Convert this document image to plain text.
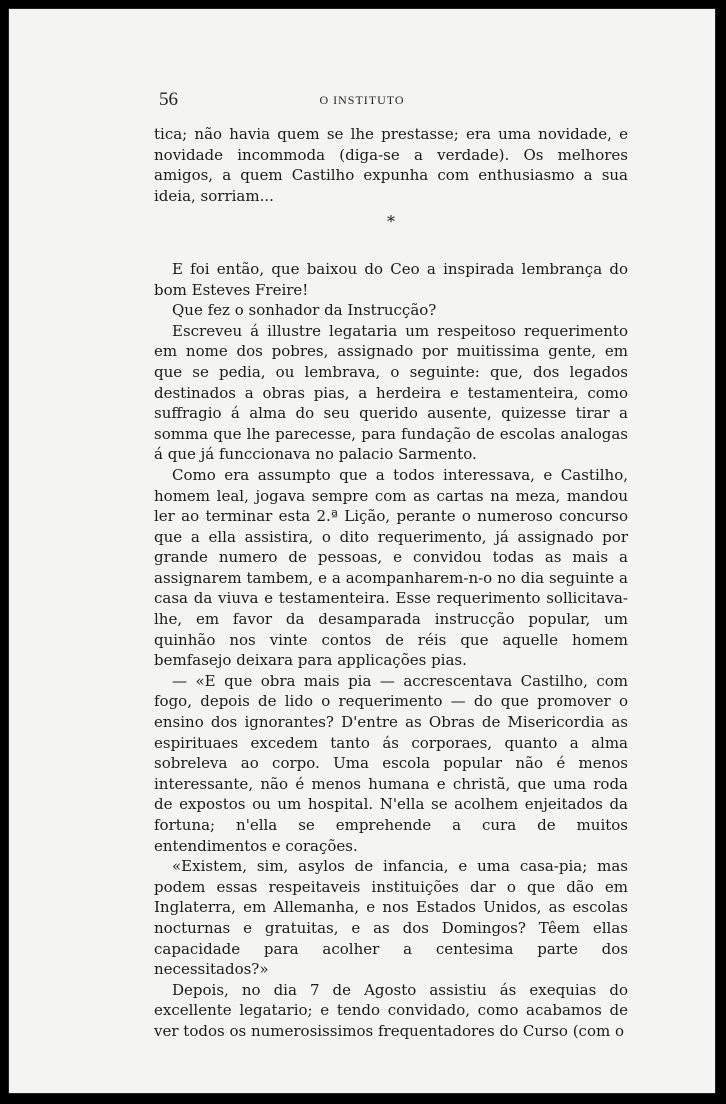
56	O INSTITUTO

tica; não havia quem se lhe prestasse; era uma novidade, e novidade incommoda (diga-se a verdade). Os melhores amigos, a quem Castilho expunha com enthusiasmo a sua ideia, sorriam...

*

E foi então, que baixou do Ceo a inspirada lembrança do bom Esteves Freire!

Que fez o sonhador da Instrucção?

Escreveu á illustre legataria um respeitoso requerimento em nome dos pobres, assignado por muitissima gente, em que se pedia, ou lembrava, o seguinte: que, dos legados destinados a obras pias, a herdeira e testamenteira, como suffragio á alma do seu querido ausente, quizesse tirar a somma que lhe parecesse, para fundação de escolas analogas á que já funccionava no palacio Sarmento.

Como era assumpto que a todos interessava, e Castilho, homem leal, jogava sempre com as cartas na meza, mandou ler ao terminar esta 2.ª Lição, perante o numeroso concurso que a ella assistira, o dito requerimento, já assignado por grande numero de pessoas, e convidou todas as mais a assignarem tambem, e a acompanharem-n-o no dia seguinte a casa da viuva e testamenteira. Esse requerimento sollicitava-lhe, em favor da desamparada instrucção popular, um quinhão nos vinte contos de réis que aquelle homem bemfasejo deixara para applicações pias.

— «E que obra mais pia — accrescentava Castilho, com fogo, depois de lido o requerimento — do que promover o ensino dos ignorantes? D'entre as Obras de Misericordia as espirituaes excedem tanto ás corporaes, quanto a alma sobreleva ao corpo. Uma escola popular não é menos interessante, não é menos humana e christã, que uma roda de expostos ou um hospital. N'ella se acolhem enjeitados da fortuna; n'ella se emprehende a cura de muitos entendimentos e corações.

«Existem, sim, asylos de infancia, e uma casa-pia; mas podem essas respeitaveis instituições dar o que dão em Inglaterra, em Allemanha, e nos Estados Unidos, as escolas nocturnas e gratuitas, e as dos Domingos? Têem ellas capacidade para acolher a centesima parte dos necessitados?»

Depois, no dia 7 de Agosto assistiu ás exequias do excellente legatario; e tendo convidado, como acabamos de ver todos os numerosissimos frequentadores do Curso (com o
